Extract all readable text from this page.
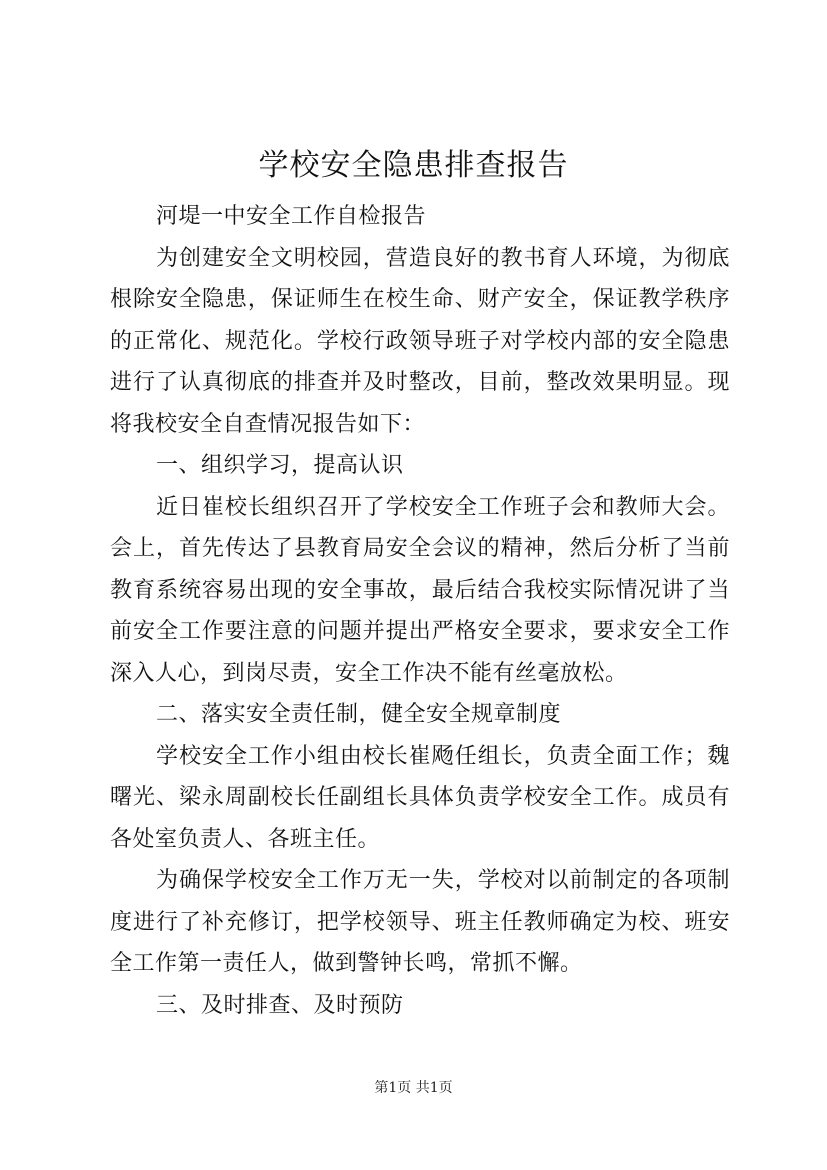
学校安全隐患排查报告

河堤一中安全工作自检报告

为创建安全文明校园，营造良好的教书育人环境，为彻底根除安全隐患，保证师生在校生命、财产安全，保证教学秩序的正常化、规范化。学校行政领导班子对学校内部的安全隐患进行了认真彻底的排查并及时整改，目前，整改效果明显。现将我校安全自查情况报告如下：

一、组织学习，提高认识

近日崔校长组织召开了学校安全工作班子会和教师大会。会上，首先传达了县教育局安全会议的精神，然后分析了当前教育系统容易出现的安全事故，最后结合我校实际情况讲了当前安全工作要注意的问题并提出严格安全要求，要求安全工作深入人心，到岗尽责，安全工作决不能有丝毫放松。

二、落实安全责任制，健全安全规章制度

学校安全工作小组由校长崔飏任组长，负责全面工作；魏曙光、梁永周副校长任副组长具体负责学校安全工作。成员有各处室负责人、各班主任。

为确保学校安全工作万无一失，学校对以前制定的各项制度进行了补充修订，把学校领导、班主任教师确定为校、班安全工作第一责任人，做到警钟长鸣，常抓不懈。

三、及时排查、及时预防

第1页 共1页
